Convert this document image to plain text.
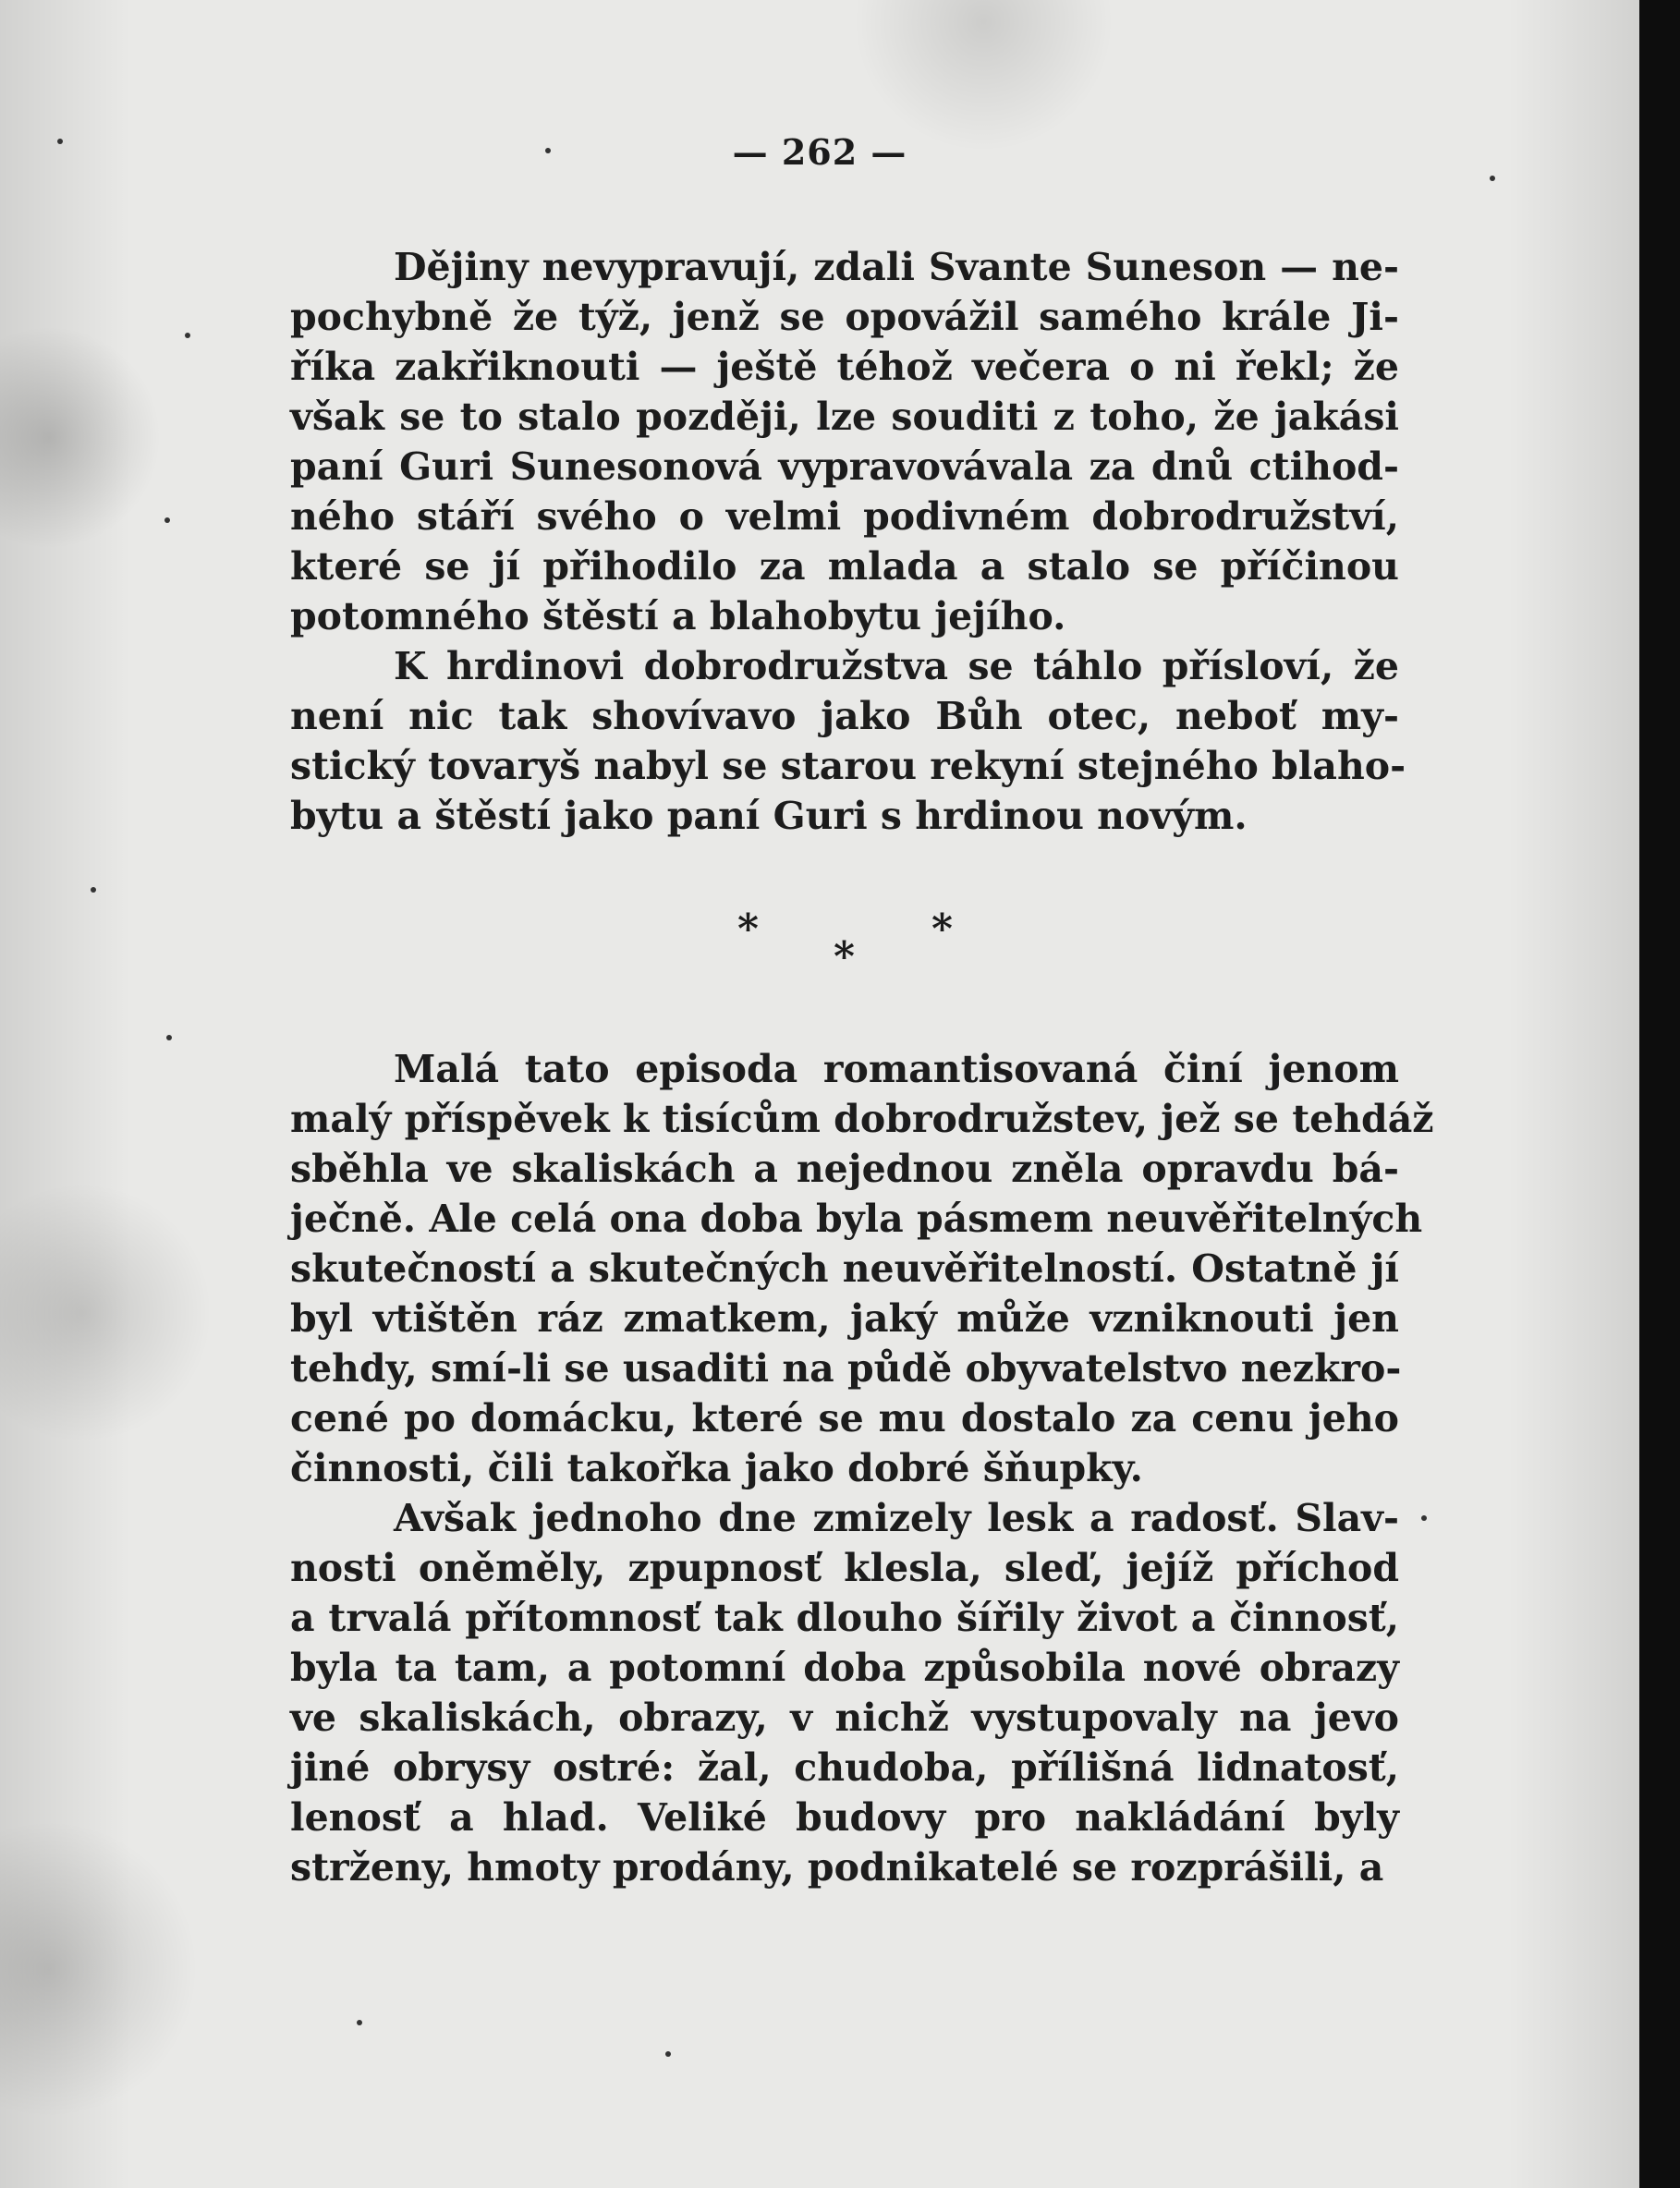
— 262 —
Dějiny nevypravují, zdali Svante Suneson — ne-
pochybně že týž, jenž se opovážil samého krále Ji-
říka zakřiknouti — ještě téhož večera o ni řekl; že
však se to stalo později, lze souditi z toho, že jakási
paní Guri Sunesonová vypravovávala za dnů ctihod-
ného stáří svého o velmi podivném dobrodružství,
které se jí přihodilo za mlada a stalo se příčinou
potomného štěstí a blahobytu jejího.
K hrdinovi dobrodružstva se táhlo přísloví, že
není nic tak shovívavo jako Bůh otec, neboť my-
stický tovaryš nabyl se starou rekyní stejného blaho-
bytu a štěstí jako paní Guri s hrdinou novým.
*	*
*
Malá tato episoda romantisovaná činí jenom
malý příspěvek k tisícům dobrodružstev, jež se tehdáž
sběhla ve skaliskách a nejednou zněla opravdu bá-
ječně. Ale celá ona doba byla pásmem neuvěřitelných
skutečností a skutečných neuvěřitelností. Ostatně jí
byl vtištěn ráz zmatkem, jaký může vzniknouti jen
tehdy, smí-li se usaditi na půdě obyvatelstvo nezkro-
cené po domácku, které se mu dostalo za cenu jeho
činnosti, čili takořka jako dobré šňupky.
Avšak jednoho dne zmizely lesk a radosť. Slav-
nosti oněměly, zpupnosť klesla, sleď, jejíž příchod
a trvalá přítomnosť tak dlouho šířily život a činnosť,
byla ta tam, a potomní doba způsobila nové obrazy
ve skaliskách, obrazy, v nichž vystupovaly na jevo
jiné obrysy ostré: žal, chudoba, přílišná lidnatosť,
lenosť a hlad. Veliké budovy pro nakládání byly
strženy, hmoty prodány, podnikatelé se rozprášili, a
